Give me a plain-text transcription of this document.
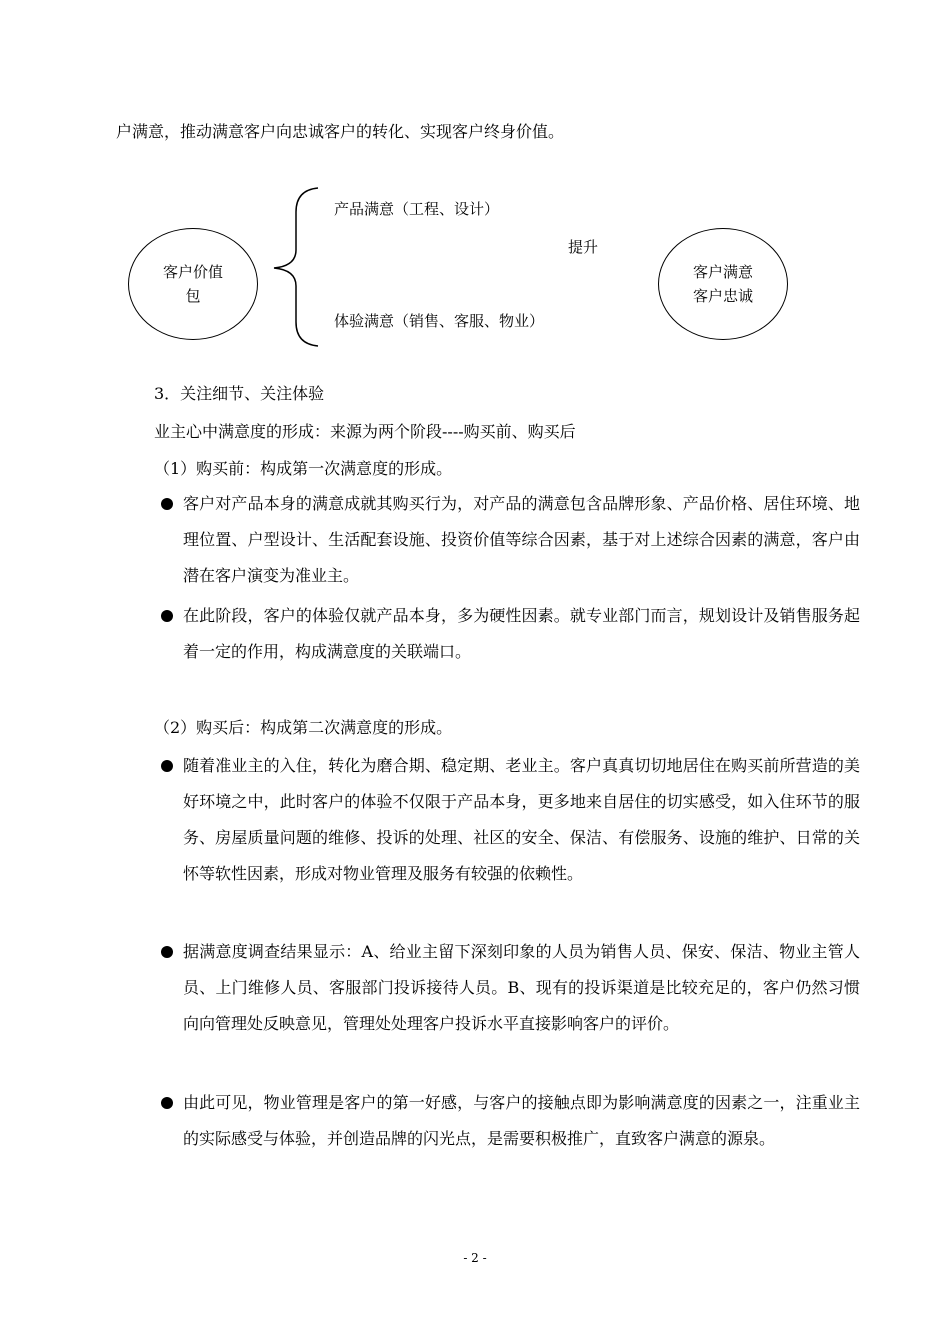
户满意，推动满意客户向忠诚客户的转化、实现客户终身价值。
客户价值
包
产品满意（工程、设计）
提升
体验满意（销售、客服、物业）
客户满意
客户忠诚
3．关注细节、关注体验
业主心中满意度的形成：来源为两个阶段----购买前、购买后
（1）购买前：构成第一次满意度的形成。
客户对产品本身的满意成就其购买行为，对产品的满意包含品牌形象、产品价格、居住环境、地理位置、户型设计、生活配套设施、投资价值等综合因素，基于对上述综合因素的满意，客户由潜在客户演变为准业主。
在此阶段，客户的体验仅就产品本身，多为硬性因素。就专业部门而言，规划设计及销售服务起着一定的作用，构成满意度的关联端口。
（2）购买后：构成第二次满意度的形成。
随着准业主的入住，转化为磨合期、稳定期、老业主。客户真真切切地居住在购买前所营造的美好环境之中，此时客户的体验不仅限于产品本身，更多地来自居住的切实感受，如入住环节的服务、房屋质量问题的维修、投诉的处理、社区的安全、保洁、有偿服务、设施的维护、日常的关怀等软性因素，形成对物业管理及服务有较强的依赖性。
据满意度调查结果显示：A、给业主留下深刻印象的人员为销售人员、保安、保洁、物业主管人员、上门维修人员、客服部门投诉接待人员。B、现有的投诉渠道是比较充足的，客户仍然习惯向向管理处反映意见，管理处处理客户投诉水平直接影响客户的评价。
由此可见，物业管理是客户的第一好感，与客户的接触点即为影响满意度的因素之一，注重业主的实际感受与体验，并创造品牌的闪光点，是需要积极推广，直致客户满意的源泉。
- 2 -
